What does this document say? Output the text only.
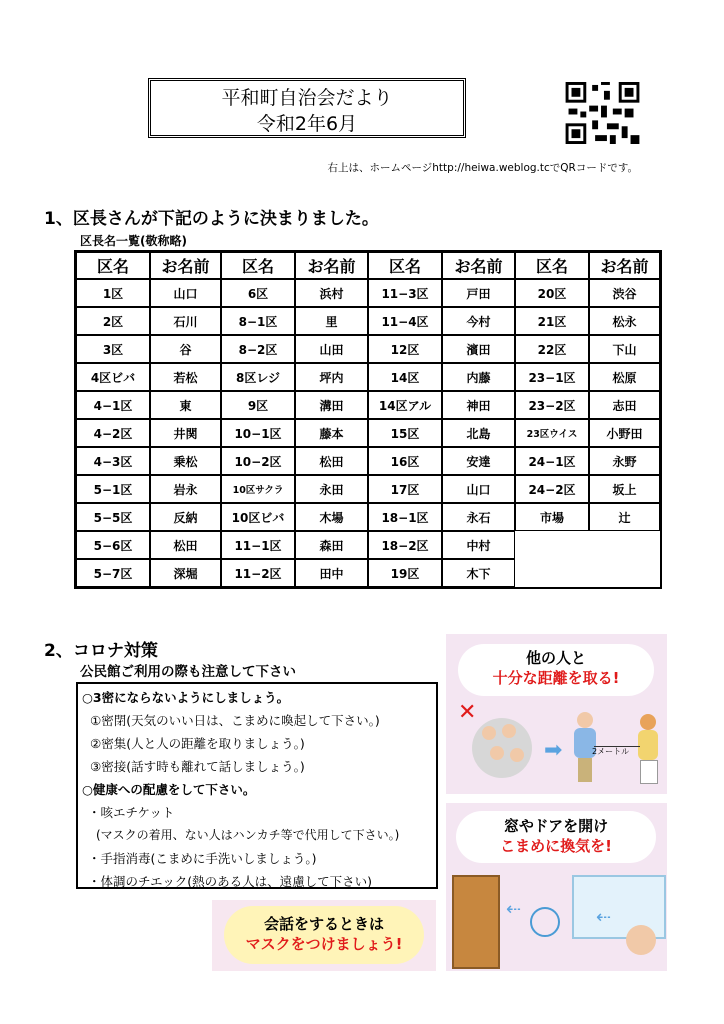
平和町自治会だより
令和2年6月
右上は、ホームページhttp://heiwa.weblog.tcでQRコードです。
1、区長さんが下記のように決まりました。
区長名一覧(敬称略)
区名	お名前	区名	お名前	区名	お名前	区名	お名前
1区	山口	6区	浜村	11−3区	戸田	20区	渋谷
2区	石川	8−1区	里	11−4区	今村	21区	松永
3区	谷	8−2区	山田	12区	濱田	22区	下山
4区ビバ	若松	8区レジ	坪内	14区	内藤	23−1区	松原
4−1区	東	9区	溝田	14区アル	神田	23−2区	志田
4−2区	井関	10−1区	藤本	15区	北島	23区ウイス	小野田
4−3区	乗松	10−2区	松田	16区	安達	24−1区	永野
5−1区	岩永	10区サクラ	永田	17区	山口	24−2区	坂上
5−5区	反納	10区ビバ	木場	18−1区	永石	市場	辻
5−6区	松田	11−1区	森田	18−2区	中村		
5−7区	深堀	11−2区	田中	19区	木下		
2、コロナ対策
公民館ご利用の際も注意して下さい
○3密にならないようにしましょう。
①密閉(天気のいい日は、こまめに喚起して下さい。)
②密集(人と人の距離を取りましょう。)
③密接(話す時も離れて話しましょう。)
○健康への配慮をして下さい。
・咳エチケット
(マスクの着用、ない人はハンカチ等で代用して下さい。)
・手指消毒(こまめに手洗いしましょう。)
・体調のチエック(熱のある人は、遠慮して下さい)
他の人と
十分な距離を取る!
✕
➡	2メートル
窓やドアを開け
こまめに換気を!
⇠	⇠
会話をするときは
マスクをつけましょう!
